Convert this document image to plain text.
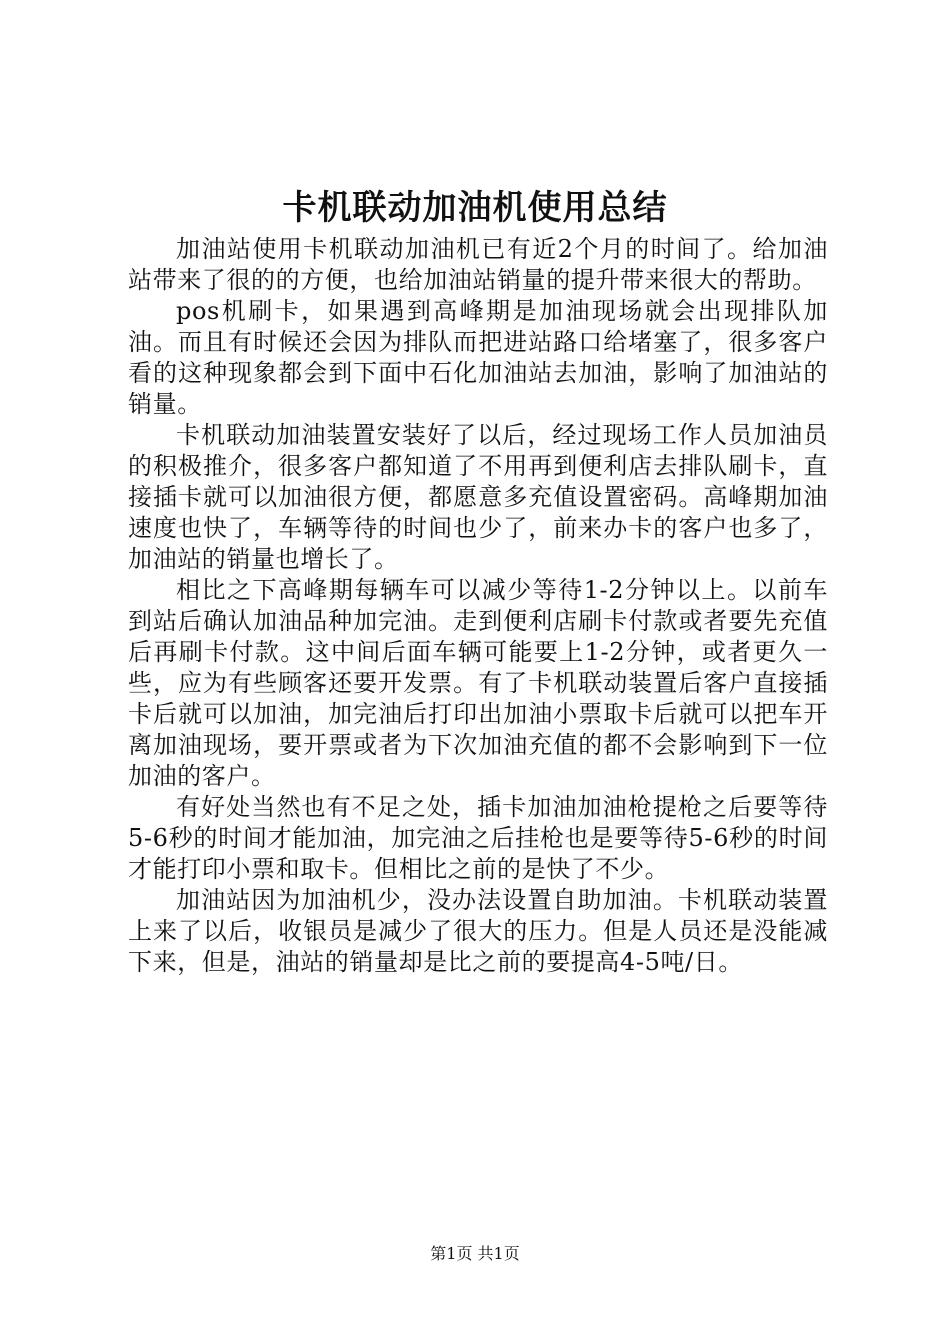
卡机联动加油机使用总结

加油站使用卡机联动加油机已有近2个月的时间了。给加油站带来了很的的方便，也给加油站销量的提升带来很大的帮助。

pos机刷卡，如果遇到高峰期是加油现场就会出现排队加油。而且有时候还会因为排队而把进站路口给堵塞了，很多客户看的这种现象都会到下面中石化加油站去加油，影响了加油站的销量。

卡机联动加油装置安装好了以后，经过现场工作人员加油员的积极推介，很多客户都知道了不用再到便利店去排队刷卡，直接插卡就可以加油很方便，都愿意多充值设置密码。高峰期加油速度也快了，车辆等待的时间也少了，前来办卡的客户也多了，加油站的销量也增长了。

相比之下高峰期每辆车可以减少等待1-2分钟以上。以前车到站后确认加油品种加完油。走到便利店刷卡付款或者要先充值后再刷卡付款。这中间后面车辆可能要上1-2分钟，或者更久一些，应为有些顾客还要开发票。有了卡机联动装置后客户直接插卡后就可以加油，加完油后打印出加油小票取卡后就可以把车开离加油现场，要开票或者为下次加油充值的都不会影响到下一位加油的客户。

有好处当然也有不足之处，插卡加油加油枪提枪之后要等待5-6秒的时间才能加油，加完油之后挂枪也是要等待5-6秒的时间才能打印小票和取卡。但相比之前的是快了不少。

加油站因为加油机少，没办法设置自助加油。卡机联动装置上来了以后，收银员是减少了很大的压力。但是人员还是没能减下来，但是，油站的销量却是比之前的要提高4-5吨/日。

第1页 共1页
